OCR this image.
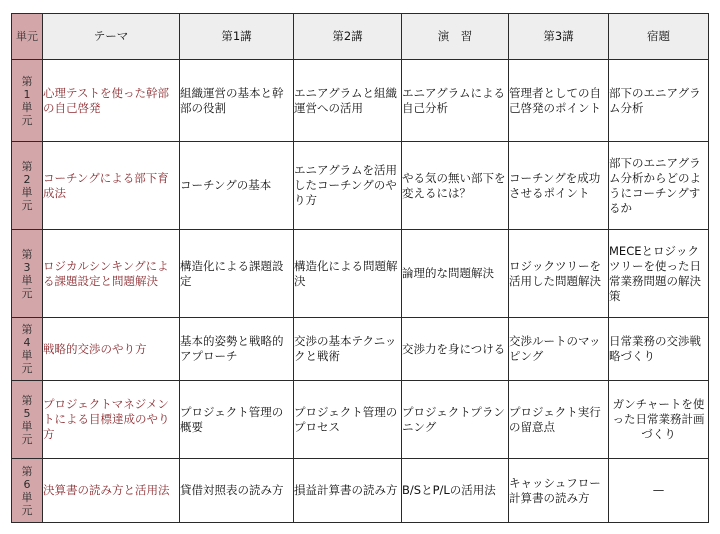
単元	テーマ	第1講	第2講	演　習	第3講	宿題
第1単元	心理テストを使った幹部の自己啓発	組織運営の基本と幹部の役割	エニアグラムと組織運営への活用	エニアグラムによる自己分析	管理者としての自己啓発のポイント	部下のエニアグラム分析
第2単元	コーチングによる部下育成法	コーチングの基本	エニアグラムを活用したコーチングのやり方	やる気の無い部下を変えるには？	コーチングを成功させるポイント	部下のエニアグラム分析からどのようにコーチングするか
第3単元	ロジカルシンキングによる課題設定と問題解決	構造化による課題設定	構造化による問題解決	論理的な問題解決	ロジックツリーを活用した問題解決	MECEとロジックツリーを使った日常業務問題の解決策
第4単元	戦略的交渉のやり方	基本的姿勢と戦略的アプローチ	交渉の基本テクニックと戦術	交渉力を身につける	交渉ルートのマッピング	日常業務の交渉戦略づくり
第5単元	プロジェクトマネジメントによる目標達成のやり方	プロジェクト管理の概要	プロジェクト管理のプロセス	プロジェクトプランニング	プロジェクト実行の留意点	ガンチャートを使った日常業務計画づくり
第6単元	決算書の読み方と活用法	貸借対照表の読み方	損益計算書の読み方	B/SとP/Lの活用法	キャッシュフロー計算書の読み方	—
